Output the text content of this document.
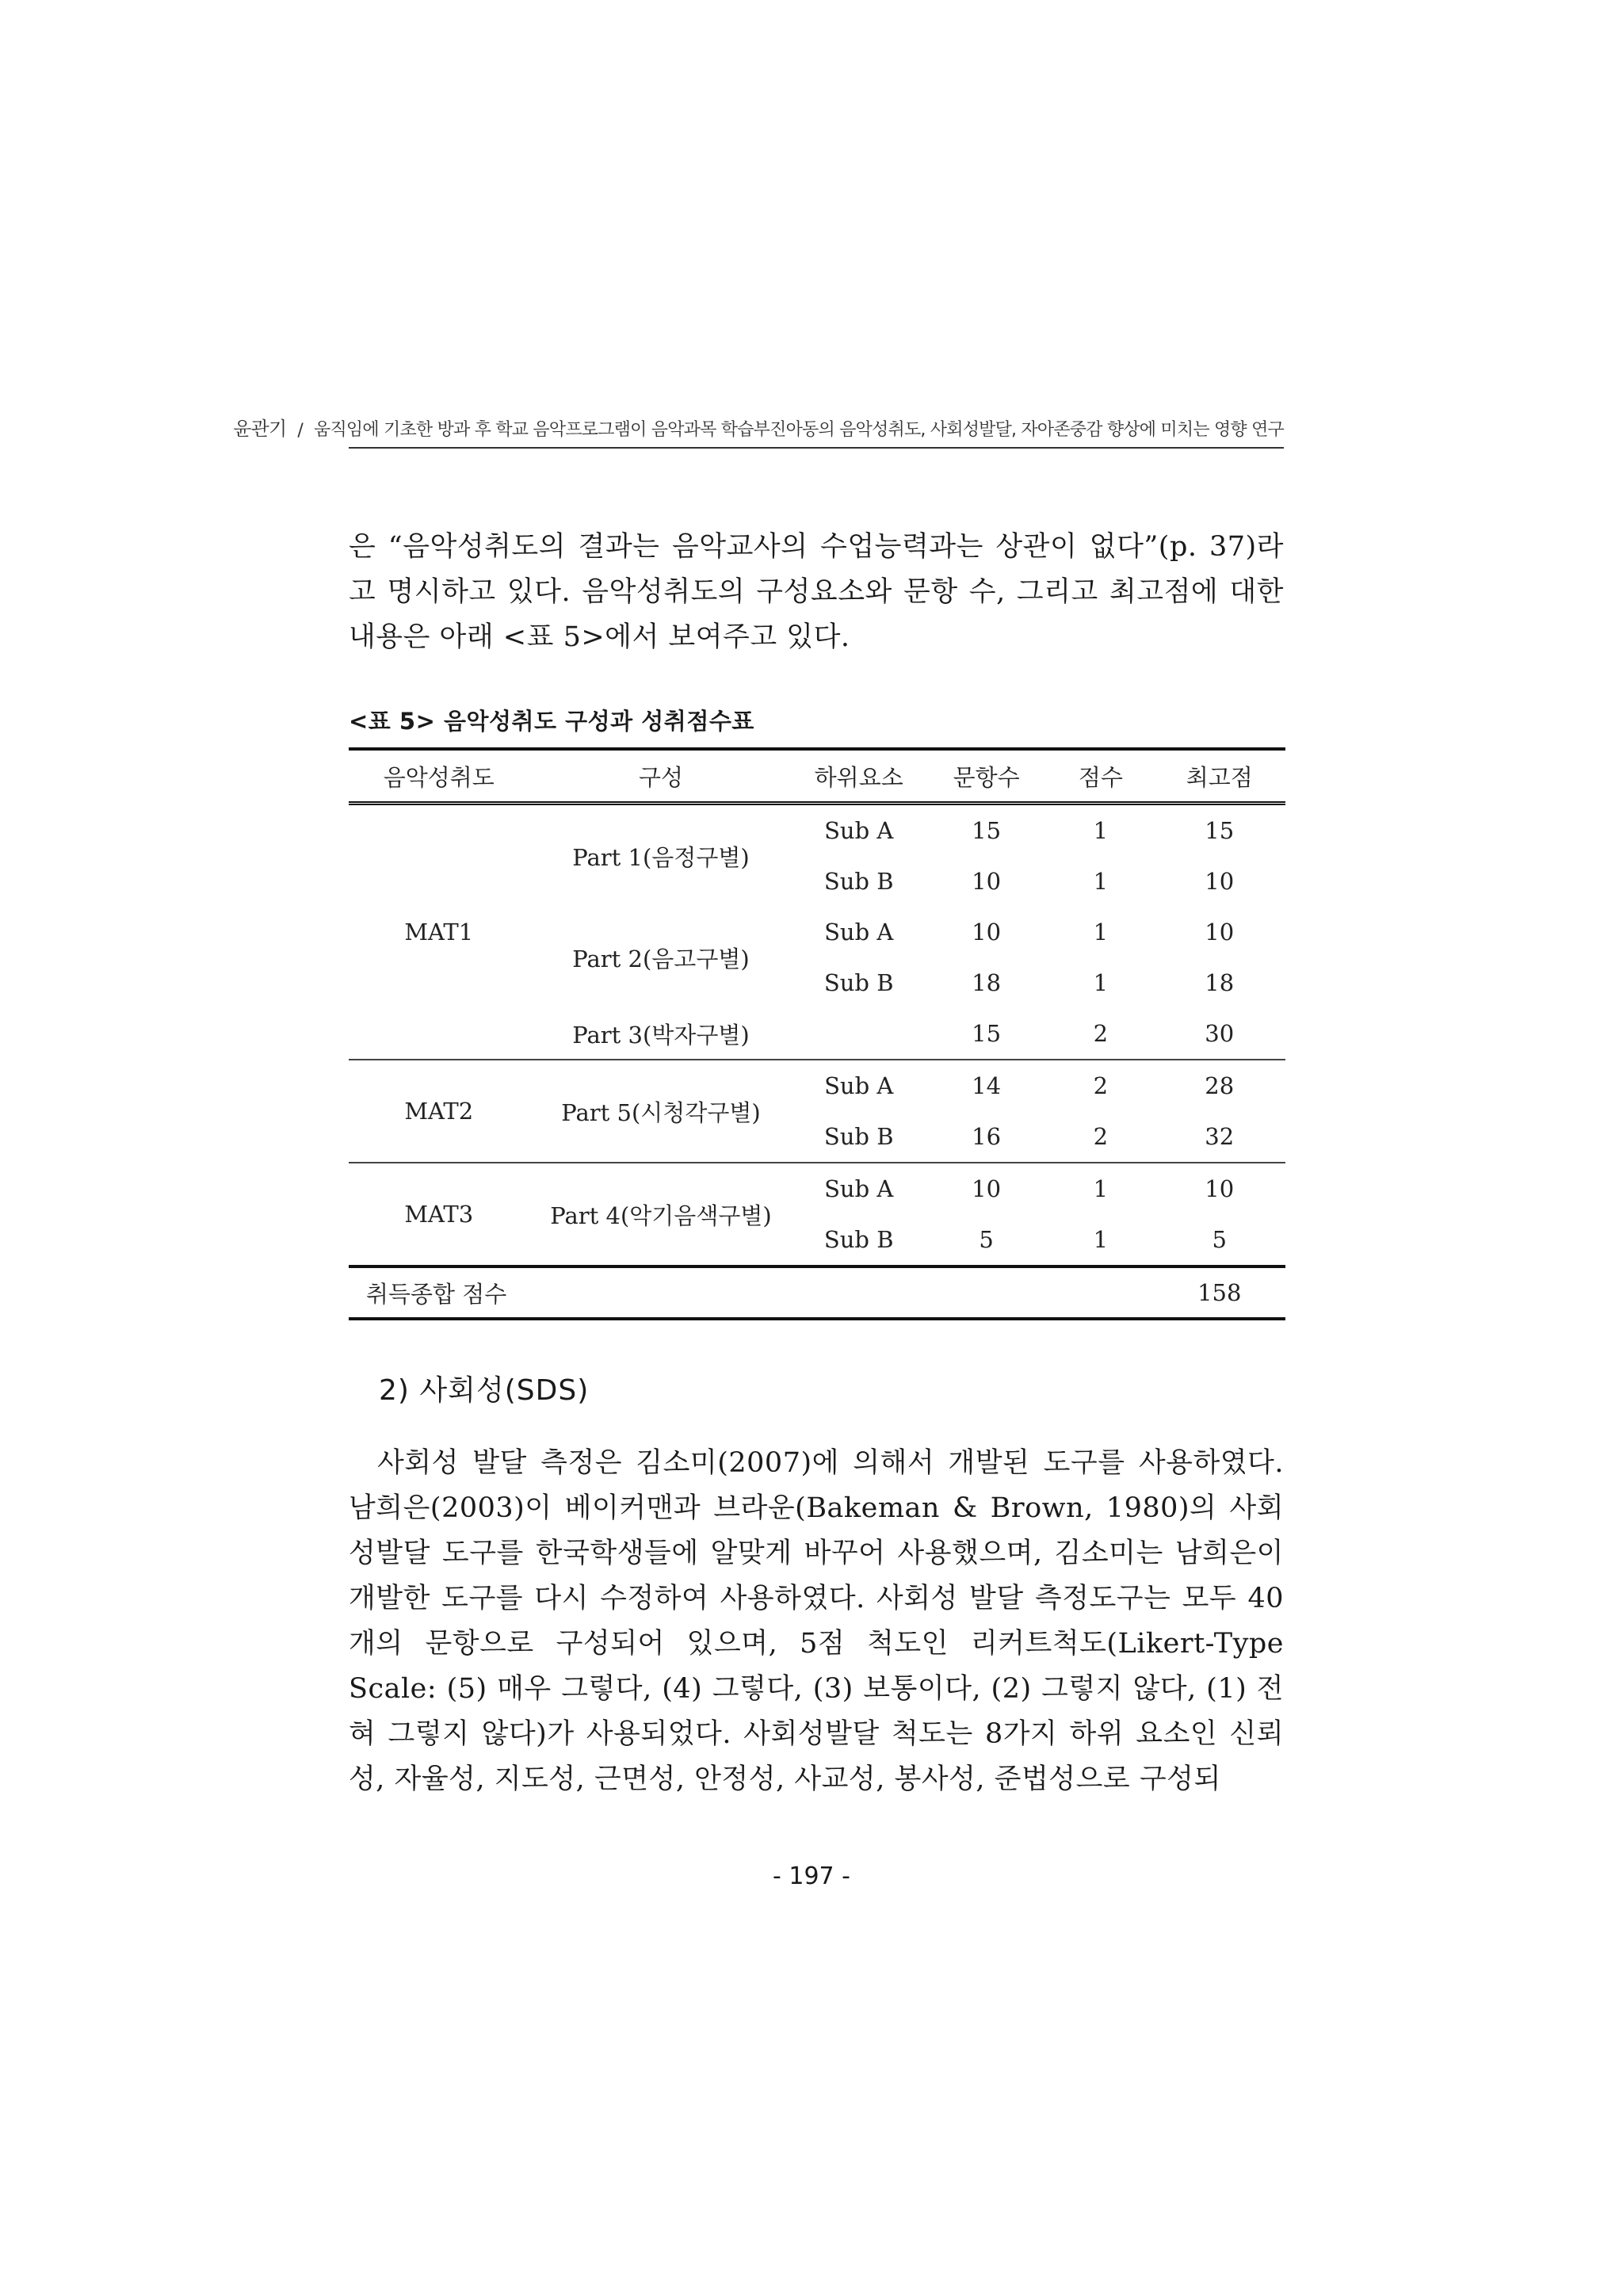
윤관기 / 움직임에 기초한 방과 후 학교 음악프로그램이 음악과목 학습부진아동의 음악성취도, 사회성발달, 자아존중감 향상에 미치는 영향 연구

은 “음악성취도의 결과는 음악교사의 수업능력과는 상관이 없다”(p. 37)라고 명시하고 있다. 음악성취도의 구성요소와 문항 수, 그리고 최고점에 대한 내용은 아래 <표 5>에서 보여주고 있다.

<표 5> 음악성취도 구성과 성취점수표
음악성취도	구성	하위요소	문항수	점수	최고점
MAT1	Part 1(음정구별)	Sub A	15	1	15
		Sub B	10	1	10
	Part 2(음고구별)	Sub A	10	1	10
		Sub B	18	1	18
	Part 3(박자구별)		15	2	30
MAT2	Part 5(시청각구별)	Sub A	14	2	28
		Sub B	16	2	32
MAT3	Part 4(악기음색구별)	Sub A	10	1	10
		Sub B	5	1	5
취득종합 점수					158
2) 사회성(SDS)

사회성 발달 측정은 김소미(2007)에 의해서 개발된 도구를 사용하였다. 남희은(2003)이 베이커맨과 브라운(Bakeman & Brown, 1980)의 사회성발달 도구를 한국학생들에 알맞게 바꾸어 사용했으며, 김소미는 남희은이 개발한 도구를 다시 수정하여 사용하였다. 사회성 발달 측정도구는 모두 40개의 문항으로 구성되어 있으며, 5점 척도인 리커트척도(Likert-Type Scale: (5) 매우 그렇다, (4) 그렇다, (3) 보통이다, (2) 그렇지 않다, (1) 전혀 그렇지 않다)가 사용되었다. 사회성발달 척도는 8가지 하위 요소인 신뢰성, 자율성, 지도성, 근면성, 안정성, 사교성, 봉사성, 준법성으로 구성되

- 197 -
